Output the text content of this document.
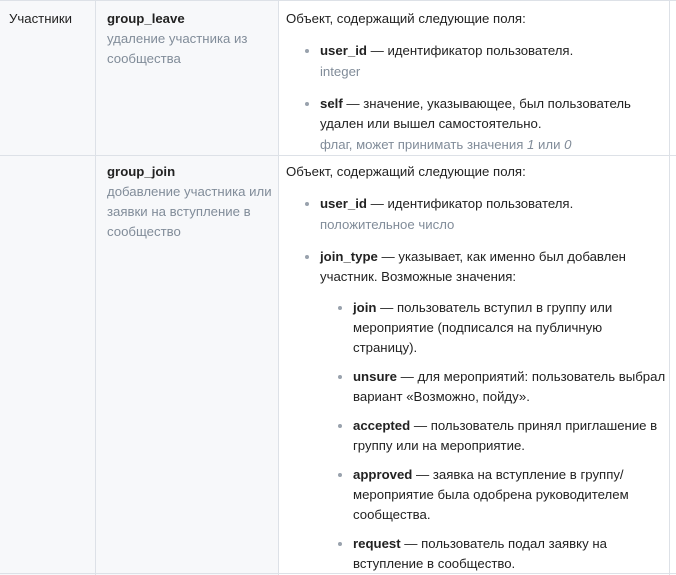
Участники	group_leave
удаление участника из сообщества
Объект, содержащий следующие поля:
user_id — идентификатор пользователя.
integer
self — значение, указывающее, был пользователь удален или вышел самостоятельно.
флаг, может принимать значения 1 или 0
group_join
добавление участника или заявки на вступление в сообщество
Объект, содержащий следующие поля:
user_id — идентификатор пользователя.
положительное число
join_type — указывает, как именно был добавлен участник. Возможные значения:
join — пользователь вступил в группу или мероприятие (подписался на публичную страницу).
unsure — для мероприятий: пользователь выбрал вариант «Возможно, пойду».
accepted — пользователь принял приглашение в группу или на мероприятие.
approved — заявка на вступление в группу/мероприятие была одобрена руководителем сообщества.
request — пользователь подал заявку на вступление в сообщество.
